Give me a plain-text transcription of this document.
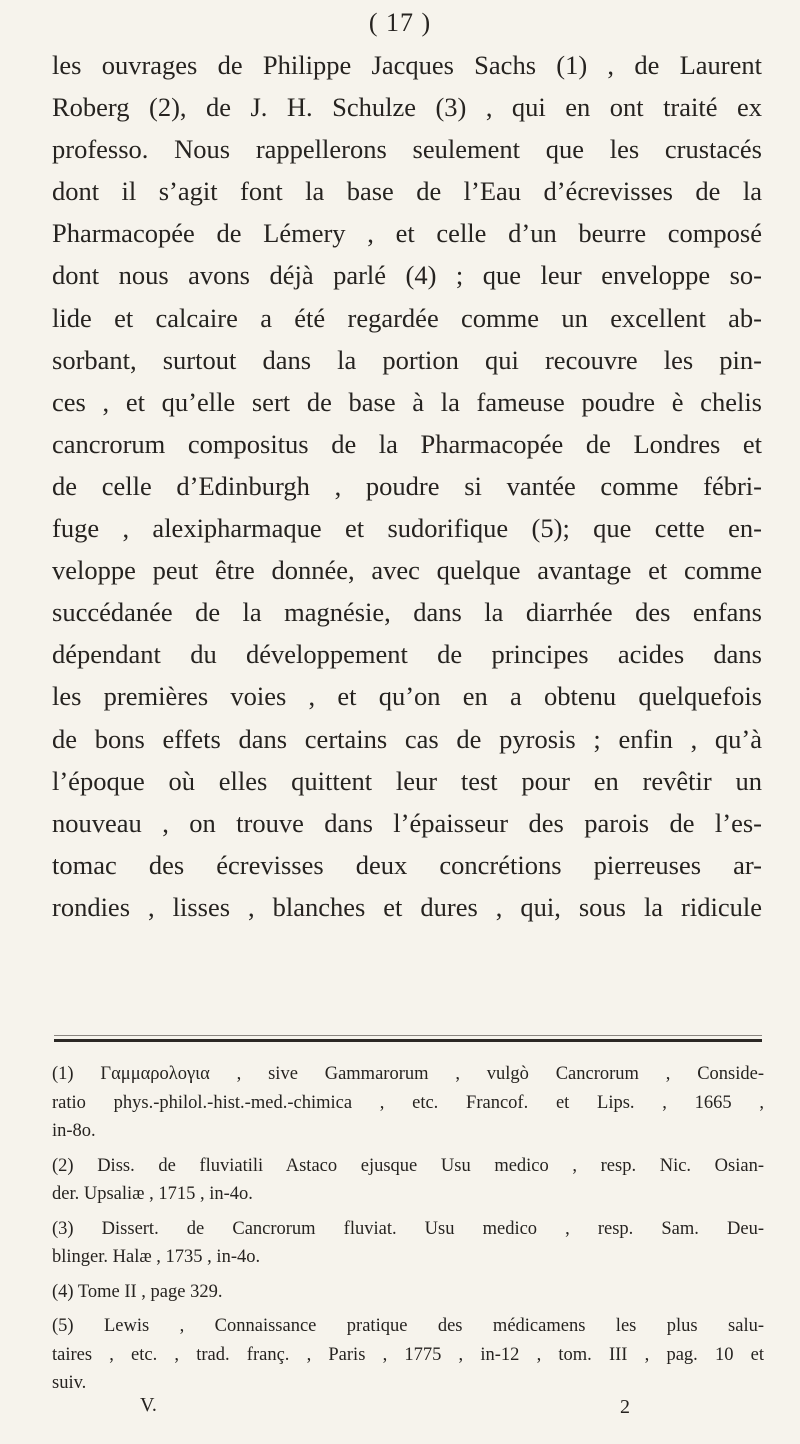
( 17 )
les ouvrages de Philippe Jacques Sachs (1) , de Laurent
Roberg (2), de J. H. Schulze (3) , qui en ont traité ex
professo. Nous rappellerons seulement que les crustacés
dont il s’agit font la base de l’Eau d’écrevisses de la
Pharmacopée de Lémery , et celle d’un beurre composé
dont nous avons déjà parlé (4) ; que leur enveloppe so-
lide et calcaire a été regardée comme un excellent ab-
sorbant, surtout dans la portion qui recouvre les pin-
ces , et qu’elle sert de base à la fameuse poudre è chelis
cancrorum compositus de la Pharmacopée de Londres et
de celle d’Edinburgh , poudre si vantée comme fébri-
fuge , alexipharmaque et sudorifique (5); que cette en-
veloppe peut être donnée, avec quelque avantage et comme
succédanée de la magnésie, dans la diarrhée des enfans
dépendant du développement de principes acides dans
les premières voies , et qu’on en a obtenu quelquefois
de bons effets dans certains cas de pyrosis ; enfin , qu’à
l’époque où elles quittent leur test pour en revêtir un
nouveau , on trouve dans l’épaisseur des parois de l’es-
tomac des écrevisses deux concrétions pierreuses ar-
rondies , lisses , blanches et dures , qui, sous la ridicule
(1) Γαμμαρολογια , sive Gammarorum , vulgò Cancrorum , Conside-
ratio phys.-philol.-hist.-med.-chimica , etc. Francof. et Lips. , 1665 ,
in-8o.
(2) Diss. de fluviatili Astaco ejusque Usu medico , resp. Nic. Osian-
der. Upsaliæ , 1715 , in-4o.
(3) Dissert. de Cancrorum fluviat. Usu medico , resp. Sam. Deu-
blinger. Halæ , 1735 , in-4o.
(4) Tome II , page 329.
(5) Lewis , Connaissance pratique des médicamens les plus salu-
taires , etc. , trad. franç. , Paris , 1775 , in-12 , tom. III , pag. 10 et
suiv.
V.	2
